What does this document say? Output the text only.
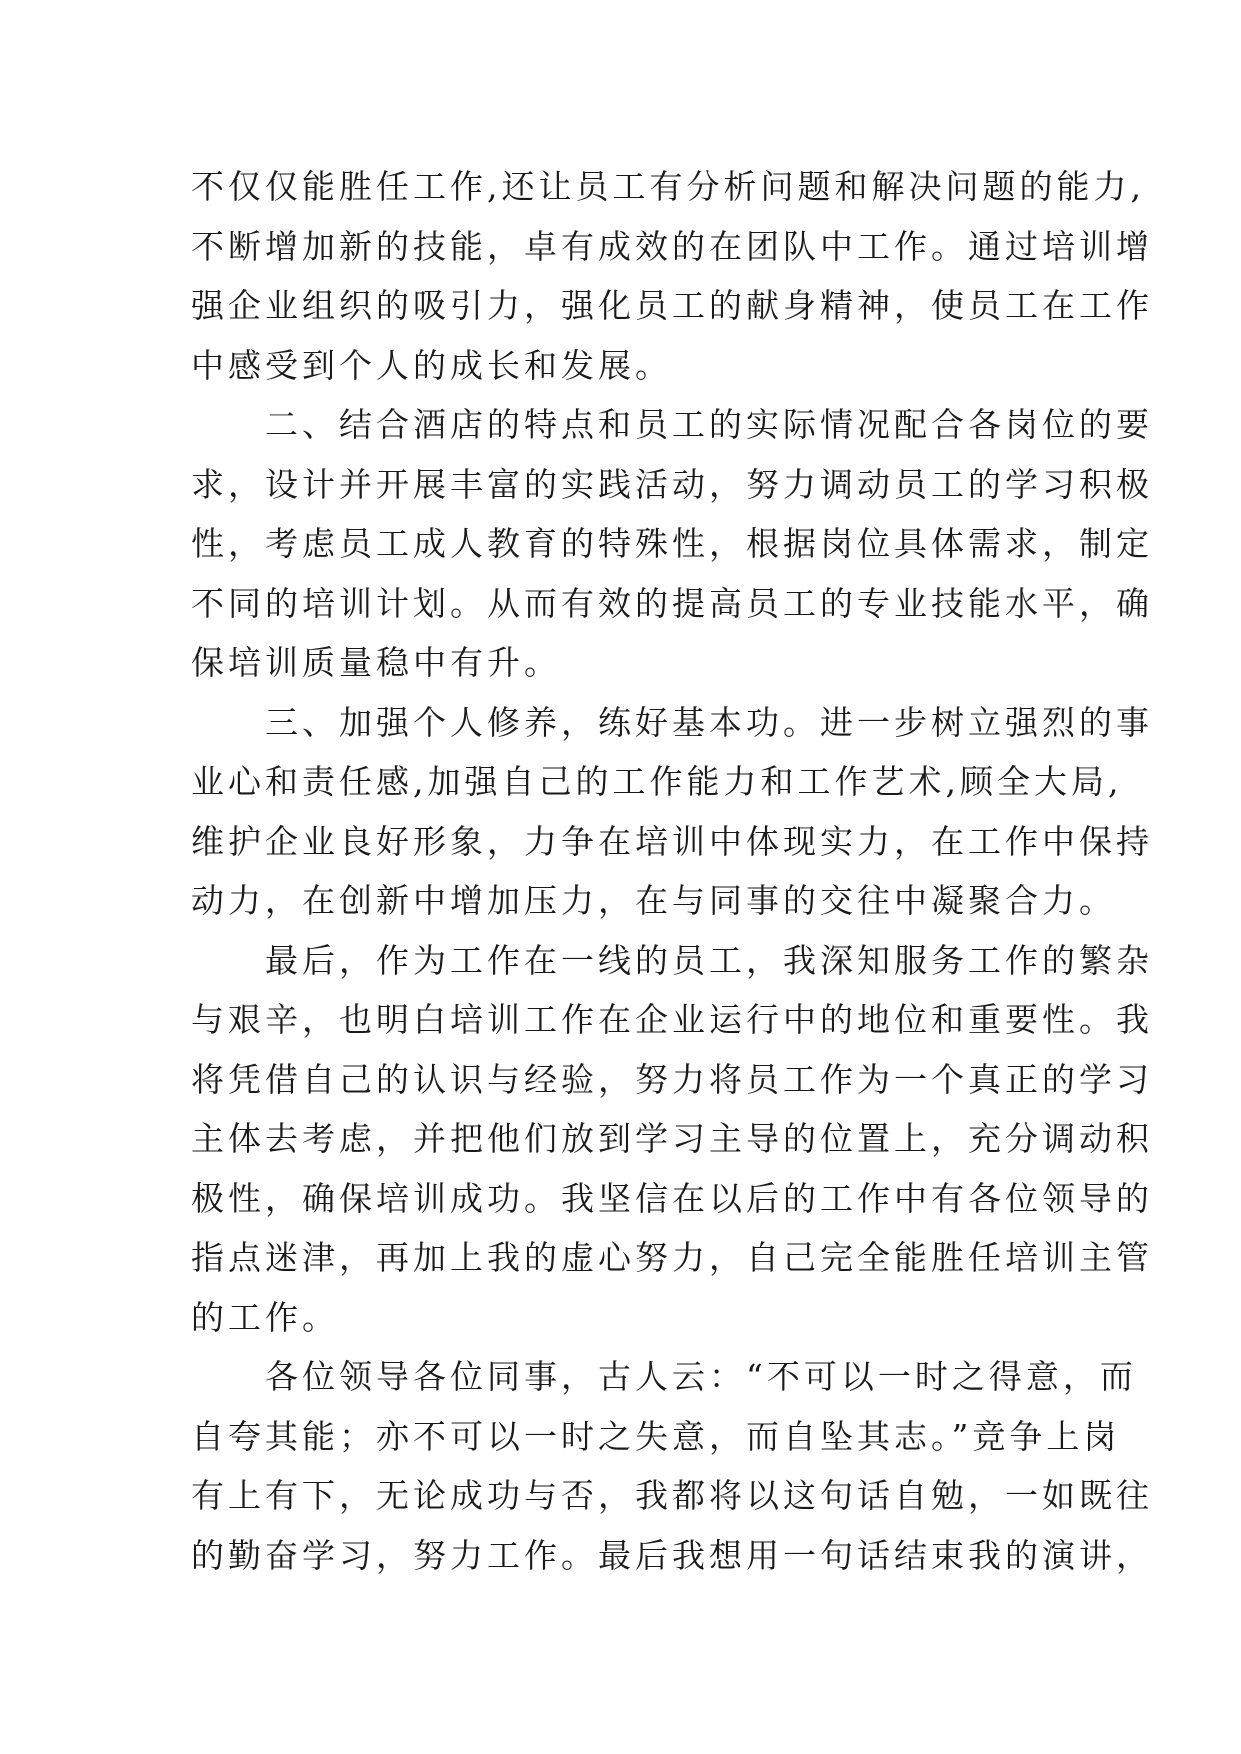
不仅仅能胜任工作,还让员工有分析问题和解决问题的能力,
不断增加新的技能，卓有成效的在团队中工作。通过培训增
强企业组织的吸引力，强化员工的献身精神，使员工在工作
中感受到个人的成长和发展。
二、结合酒店的特点和员工的实际情况配合各岗位的要
求，设计并开展丰富的实践活动，努力调动员工的学习积极
性，考虑员工成人教育的特殊性，根据岗位具体需求，制定
不同的培训计划。从而有效的提高员工的专业技能水平，确
保培训质量稳中有升。
三、加强个人修养，练好基本功。进一步树立强烈的事
业心和责任感,加强自己的工作能力和工作艺术,顾全大局,
维护企业良好形象，力争在培训中体现实力，在工作中保持
动力，在创新中增加压力，在与同事的交往中凝聚合力。
最后，作为工作在一线的员工，我深知服务工作的繁杂
与艰辛，也明白培训工作在企业运行中的地位和重要性。我
将凭借自己的认识与经验，努力将员工作为一个真正的学习
主体去考虑，并把他们放到学习主导的位置上，充分调动积
极性，确保培训成功。我坚信在以后的工作中有各位领导的
指点迷津，再加上我的虚心努力，自己完全能胜任培训主管
的工作。
各位领导各位同事，古人云：“不可以一时之得意，而
自夸其能；亦不可以一时之失意，而自坠其志。”竞争上岗
有上有下，无论成功与否，我都将以这句话自勉，一如既往
的勤奋学习，努力工作。最后我想用一句话结束我的演讲，
